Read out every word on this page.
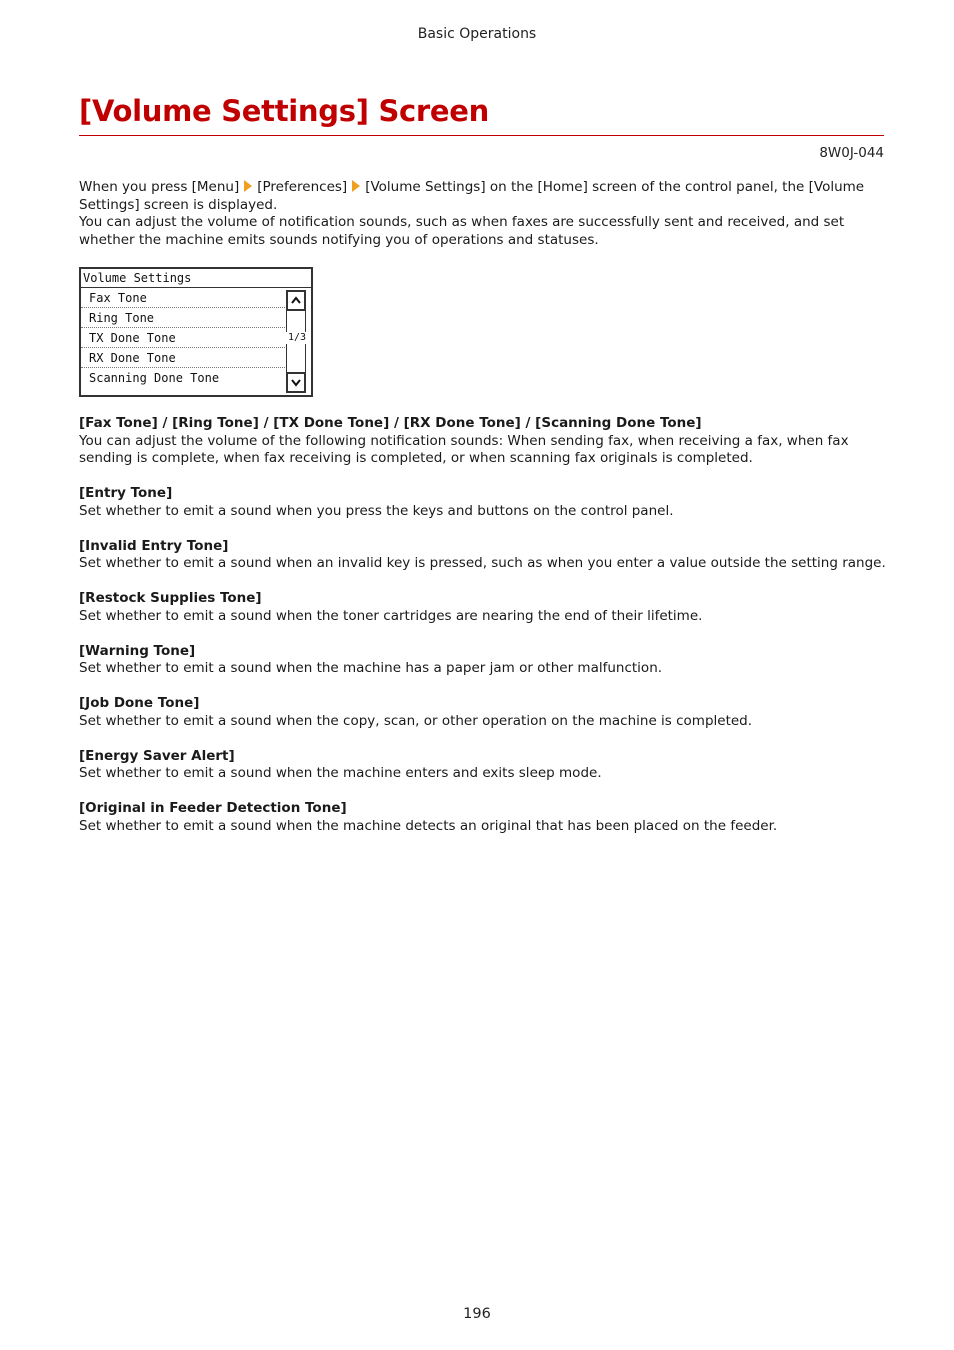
Basic Operations
[Volume Settings] Screen
8W0J-044

When you press [Menu] [Preferences] [Volume Settings] on the [Home] screen of the control panel, the [Volume Settings] screen is displayed.

You can adjust the volume of notification sounds, such as when faxes are successfully sent and received, and set whether the machine emits sounds notifying you of operations and statuses.

Volume Settings
Fax Tone
Ring Tone
TX Done Tone
RX Done Tone
Scanning Done Tone
1/3

[Fax Tone] / [Ring Tone] / [TX Done Tone] / [RX Done Tone] / [Scanning Done Tone]

You can adjust the volume of the following notification sounds: When sending fax, when receiving a fax, when fax sending is complete, when fax receiving is completed, or when scanning fax originals is completed.

[Entry Tone]

Set whether to emit a sound when you press the keys and buttons on the control panel.

[Invalid Entry Tone]

Set whether to emit a sound when an invalid key is pressed, such as when you enter a value outside the setting range.

[Restock Supplies Tone]

Set whether to emit a sound when the toner cartridges are nearing the end of their lifetime.

[Warning Tone]

Set whether to emit a sound when the machine has a paper jam or other malfunction.

[Job Done Tone]

Set whether to emit a sound when the copy, scan, or other operation on the machine is completed.

[Energy Saver Alert]

Set whether to emit a sound when the machine enters and exits sleep mode.

[Original in Feeder Detection Tone]

Set whether to emit a sound when the machine detects an original that has been placed on the feeder.

196
